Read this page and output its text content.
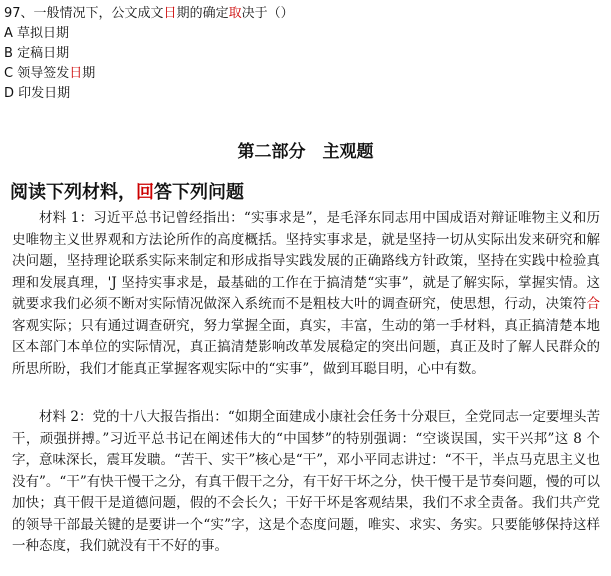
97、一般情况下，公文成文日期的确定取决于（）
A 草拟日期
B 定稿日期
C 领导签发日期
D 印发日期
第二部分　主观题
阅读下列材料，回答下列问题
材料 1：习近平总书记曾经指出：“实事求是”，是毛泽东同志用中国成语对辩证唯物主义和历史唯物主义世界观和方法论所作的高度概括。坚持实事求是，就是坚持一切从实际出发来研究和解决问题，坚持理论联系实际来制定和形成指导实践发展的正确路线方针政策，坚持在实践中检验真理和发展真理，'J 坚持实事求是，最基础的工作在于搞清楚“实事”，就是了解实际，掌握实情。这就要求我们必须不断对实际情况做深入系统而不是粗枝大叶的调查研究，使思想，行动，决策符合客观实际；只有通过调查研究，努力掌握全面，真实，丰富，生动的第一手材料，真正搞清楚本地区本部门本单位的实际情况，真正搞清楚影响改革发展稳定的突出问题，真正及时了解人民群众的所思所盼，我们才能真正掌握客观实际中的“实事”，做到耳聪目明，心中有数。
材料 2：党的十八大报告指出：“如期全面建成小康社会任务十分艰巨，全党同志一定要埋头苦干，顽强拼搏。”习近平总书记在阐述伟大的“中国梦”的特别强调：“空谈误国，实干兴邦”这 8 个字，意味深长，震耳发聩。“苦干、实干”核心是“干”，邓小平同志讲过：“不干，半点马克思主义也没有”。“干”有快干慢干之分，有真干假干之分，有干好干坏之分，快干慢干是节奏问题，慢的可以加快；真干假干是道德问题，假的不会长久；干好干坏是客观结果，我们不求全责备。我们共产党的领导干部最关键的是要讲一个“实”字，这是个态度问题，唯实、求实、务实。只要能够保持这样一种态度，我们就没有干不好的事。
